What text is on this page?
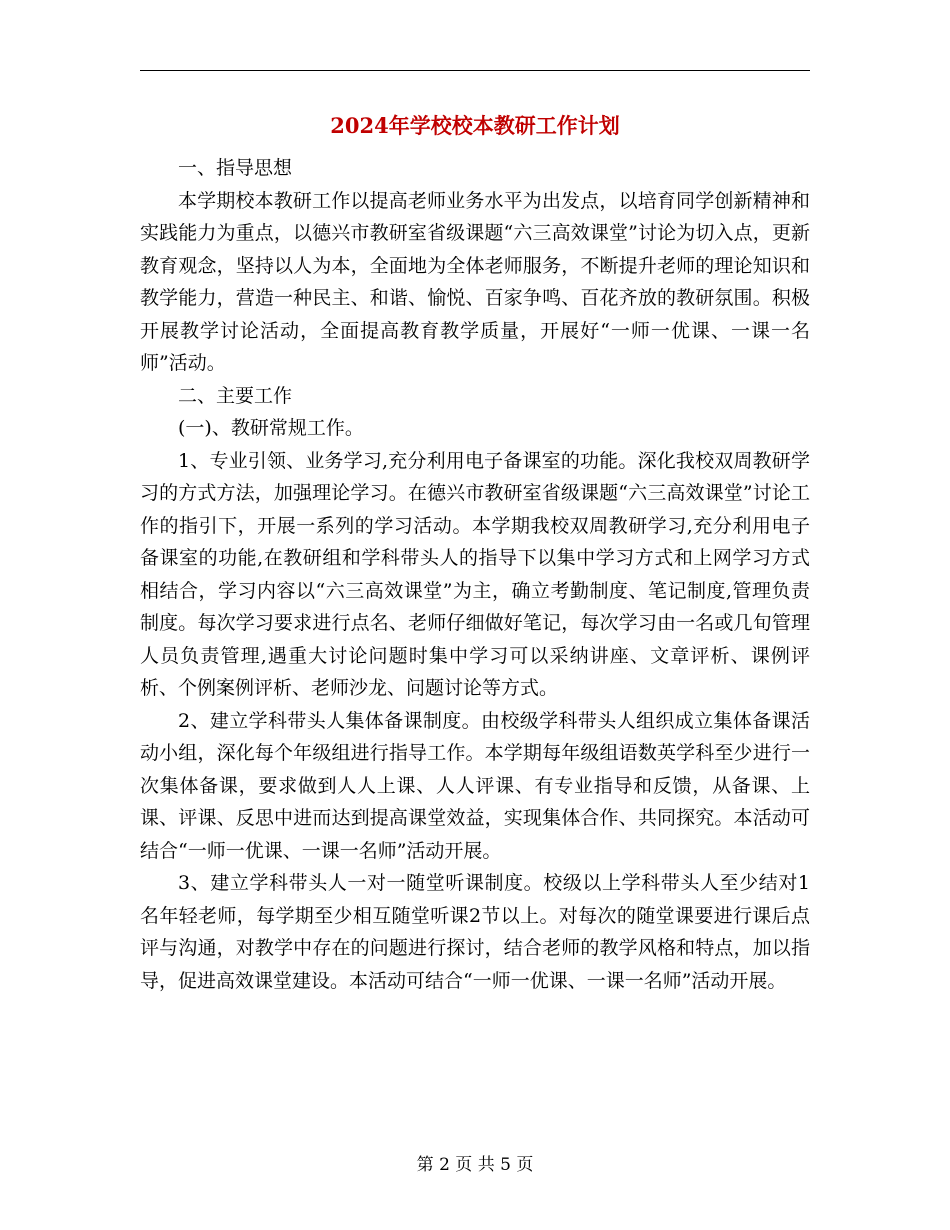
2024年学校校本教研工作计划

一、指导思想

本学期校本教研工作以提高老师业务水平为出发点，以培育同学创新精神和实践能力为重点，以德兴市教研室省级课题“六三高效课堂”讨论为切入点，更新教育观念，坚持以人为本，全面地为全体老师服务，不断提升老师的理论知识和教学能力，营造一种民主、和谐、愉悦、百家争鸣、百花齐放的教研氛围。积极开展教学讨论活动，全面提高教育教学质量，开展好“一师一优课、一课一名师”活动。

二、主要工作

(一)、教研常规工作。

1、专业引领、业务学习,充分利用电子备课室的功能。深化我校双周教研学习的方式方法，加强理论学习。在德兴市教研室省级课题“六三高效课堂”讨论工作的指引下，开展一系列的学习活动。本学期我校双周教研学习,充分利用电子备课室的功能,在教研组和学科带头人的指导下以集中学习方式和上网学习方式相结合，学习内容以“六三高效课堂”为主，确立考勤制度、笔记制度,管理负责制度。每次学习要求进行点名、老师仔细做好笔记，每次学习由一名或几旬管理人员负责管理,遇重大讨论问题时集中学习可以采纳讲座、文章评析、课例评析、个例案例评析、老师沙龙、问题讨论等方式。

2、建立学科带头人集体备课制度。由校级学科带头人组织成立集体备课活动小组，深化每个年级组进行指导工作。本学期每年级组语数英学科至少进行一次集体备课，要求做到人人上课、人人评课、有专业指导和反馈，从备课、上课、评课、反思中进而达到提高课堂效益，实现集体合作、共同探究。本活动可结合“一师一优课、一课一名师”活动开展。

3、建立学科带头人一对一随堂听课制度。校级以上学科带头人至少结对1名年轻老师，每学期至少相互随堂听课2节以上。对每次的随堂课要进行课后点评与沟通，对教学中存在的问题进行探讨，结合老师的教学风格和特点，加以指导，促进高效课堂建设。本活动可结合“一师一优课、一课一名师”活动开展。

第 2 页 共 5 页
